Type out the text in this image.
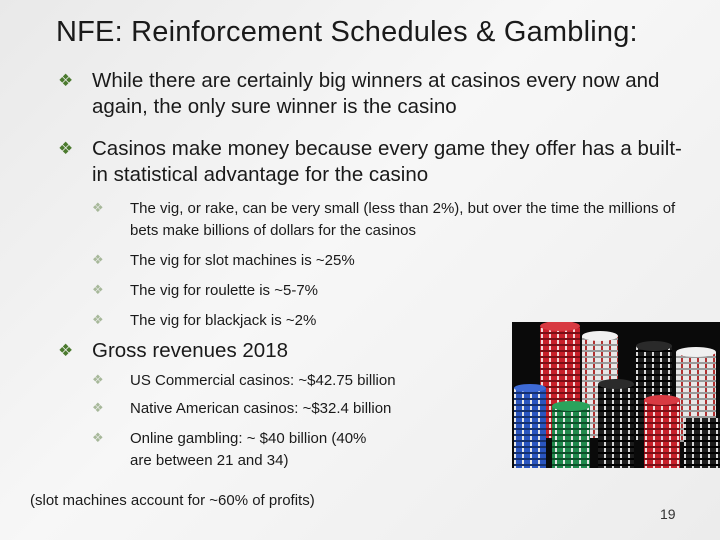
NFE: Reinforcement Schedules & Gambling:
❖ While there are certainly big winners at casinos every now and again, the only sure winner is the casino
❖ Casinos make money because every game they offer has a built-in statistical advantage for the casino
❖	The vig, or rake, can be very small (less than 2%), but over the time the millions of bets make billions of dollars for the casinos
❖	The vig for slot machines is ~25%
❖	The vig for roulette is ~5-7%
❖	The vig for blackjack is ~2%
❖ Gross revenues 2018
❖	US Commercial casinos: ~$42.75 billion
❖	Native American casinos: ~$32.4 billion
❖	Online gambling: ~ $40 billion (40% are between 21 and 34)
(slot machines account for ~60% of profits)
19
